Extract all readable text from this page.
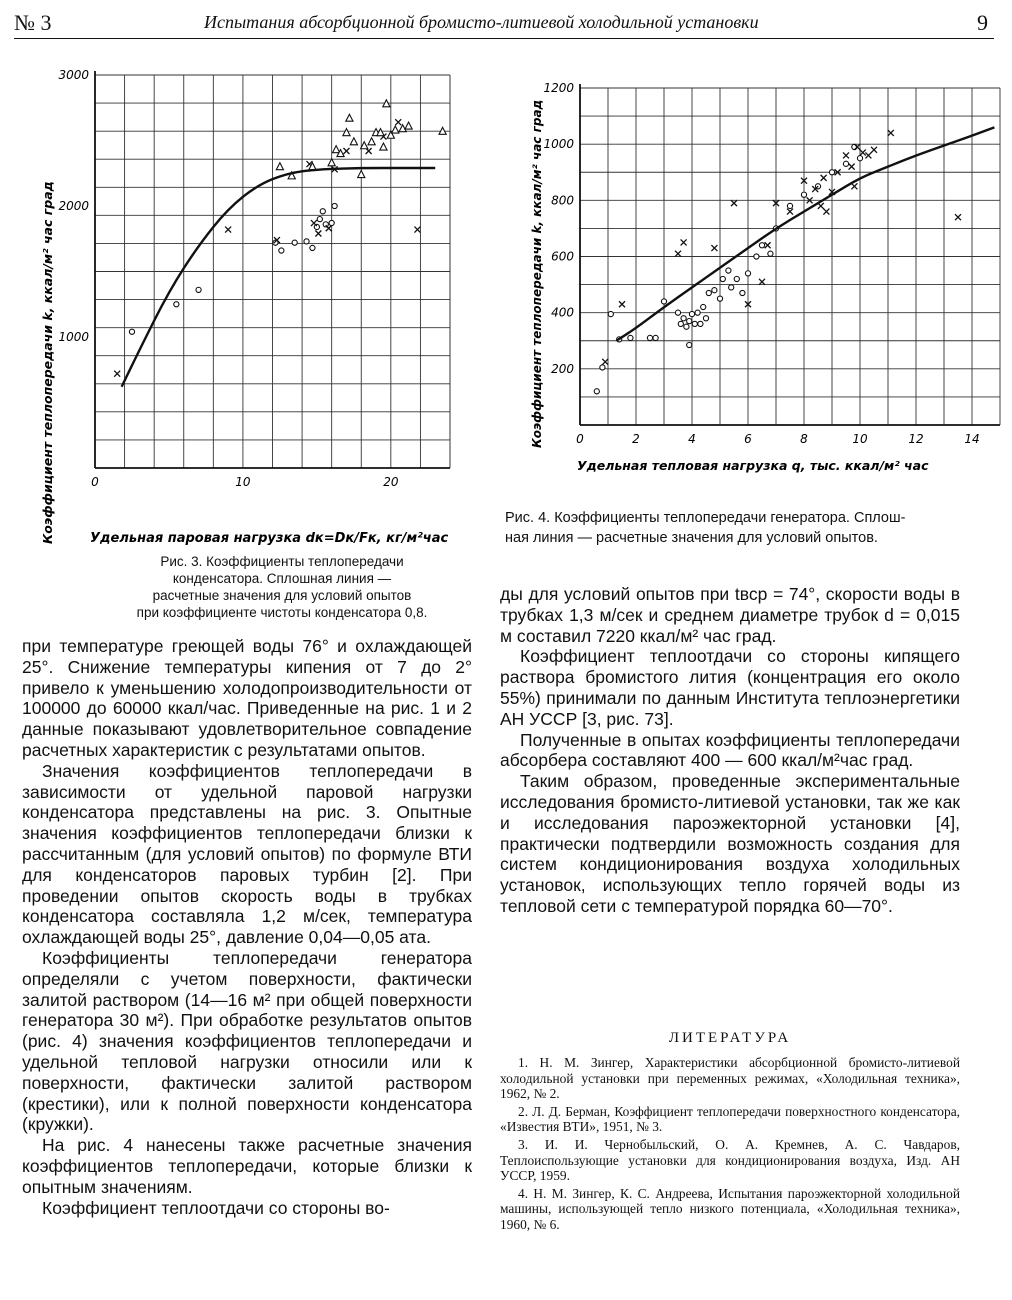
№ 3	Испытания абсорбционной бромисто-литиевой холодильной установки	9
1000
2000
3000
0	10	20
Коэффициент теплопередачи k, ккал/м² час град	Удельная паровая нагрузка dк=Dк/Fк, кг/м²час
Рис. 3. Коэффициенты теплопередачи
конденсатора. Сплошная линия —
расчетные значения для условий опытов
при коэффициенте чистоты конденсатора 0,8.
200
400
600
800
1000
1200
0	2	4	6	8	10	12	14
Коэффициент теплопередачи k, ккал/м² час град
Удельная тепловая нагрузка q, тыс. ккал/м² час
Рис. 4. Коэффициенты теплопередачи генератора. Сплош-
ная линия — расчетные значения для условий опытов.

при температуре греющей воды 76° и охлаждающей 25°. Снижение температуры кипения от 7 до 2° привело к уменьшению холодопроизводительности от 100000 до 60000 ккал/час. Приведенные на рис. 1 и 2 данные показывают удовлетворительное совпадение расчетных характеристик с результатами опытов.

Значения коэффициентов теплопередачи в зависимости от удельной паровой нагрузки конденсатора представлены на рис. 3. Опытные значения коэффициентов теплопередачи близки к рассчитанным (для условий опытов) по формуле ВТИ для конденсаторов паровых турбин [2]. При проведении опытов скорость воды в трубках конденсатора составляла 1,2 м/сек, температура охлаждающей воды 25°, давление 0,04—0,05 ата.

Коэффициенты теплопередачи генератора определяли с учетом поверхности, фактически залитой раствором (14—16 м² при общей поверхности генератора 30 м²). При обработке результатов опытов (рис. 4) значения коэффициентов теплопередачи и удельной тепловой нагрузки относили или к поверхности, фактически залитой раствором (крестики), или к полной поверхности конденсатора (кружки).

На рис. 4 нанесены также расчетные значения коэффициентов теплопередачи, которые близки к опытным значениям.

Коэффициент теплоотдачи со стороны во-

ды для условий опытов при tвср = 74°, скорости воды в трубках 1,3 м/сек и среднем диаметре трубок d = 0,015 м составил 7220 ккал/м² час град.

Коэффициент теплоотдачи со стороны кипящего раствора бромистого лития (концентрация его около 55%) принимали по данным Института теплоэнергетики АН УССР [3, рис. 73].

Полученные в опытах коэффициенты теплопередачи абсорбера составляют 400 — 600 ккал/м²час град.

Таким образом, проведенные экспериментальные исследования бромисто-литиевой установки, так же как и исследования пароэжекторной установки [4], практически подтвердили возможность создания для систем кондиционирования воздуха холодильных установок, использующих тепло горячей воды из тепловой сети с температурой порядка 60—70°.

ЛИТЕРАТУРА

1. Н. М. Зингер, Характеристики абсорбционной бромисто-литиевой холодильной установки при переменных режимах, «Холодильная техника», 1962, № 2.

2. Л. Д. Берман, Коэффициент теплопередачи поверхностного конденсатора, «Известия ВТИ», 1951, № 3.

3. И. И. Чернобыльский, О. А. Кремнев, А. С. Чавдаров, Теплоиспользующие установки для кондиционирования воздуха, Изд. АН УССР, 1959.

4. Н. М. Зингер, К. С. Андреева, Испытания пароэжекторной холодильной машины, использующей тепло низкого потенциала, «Холодильная техника», 1960, № 6.
